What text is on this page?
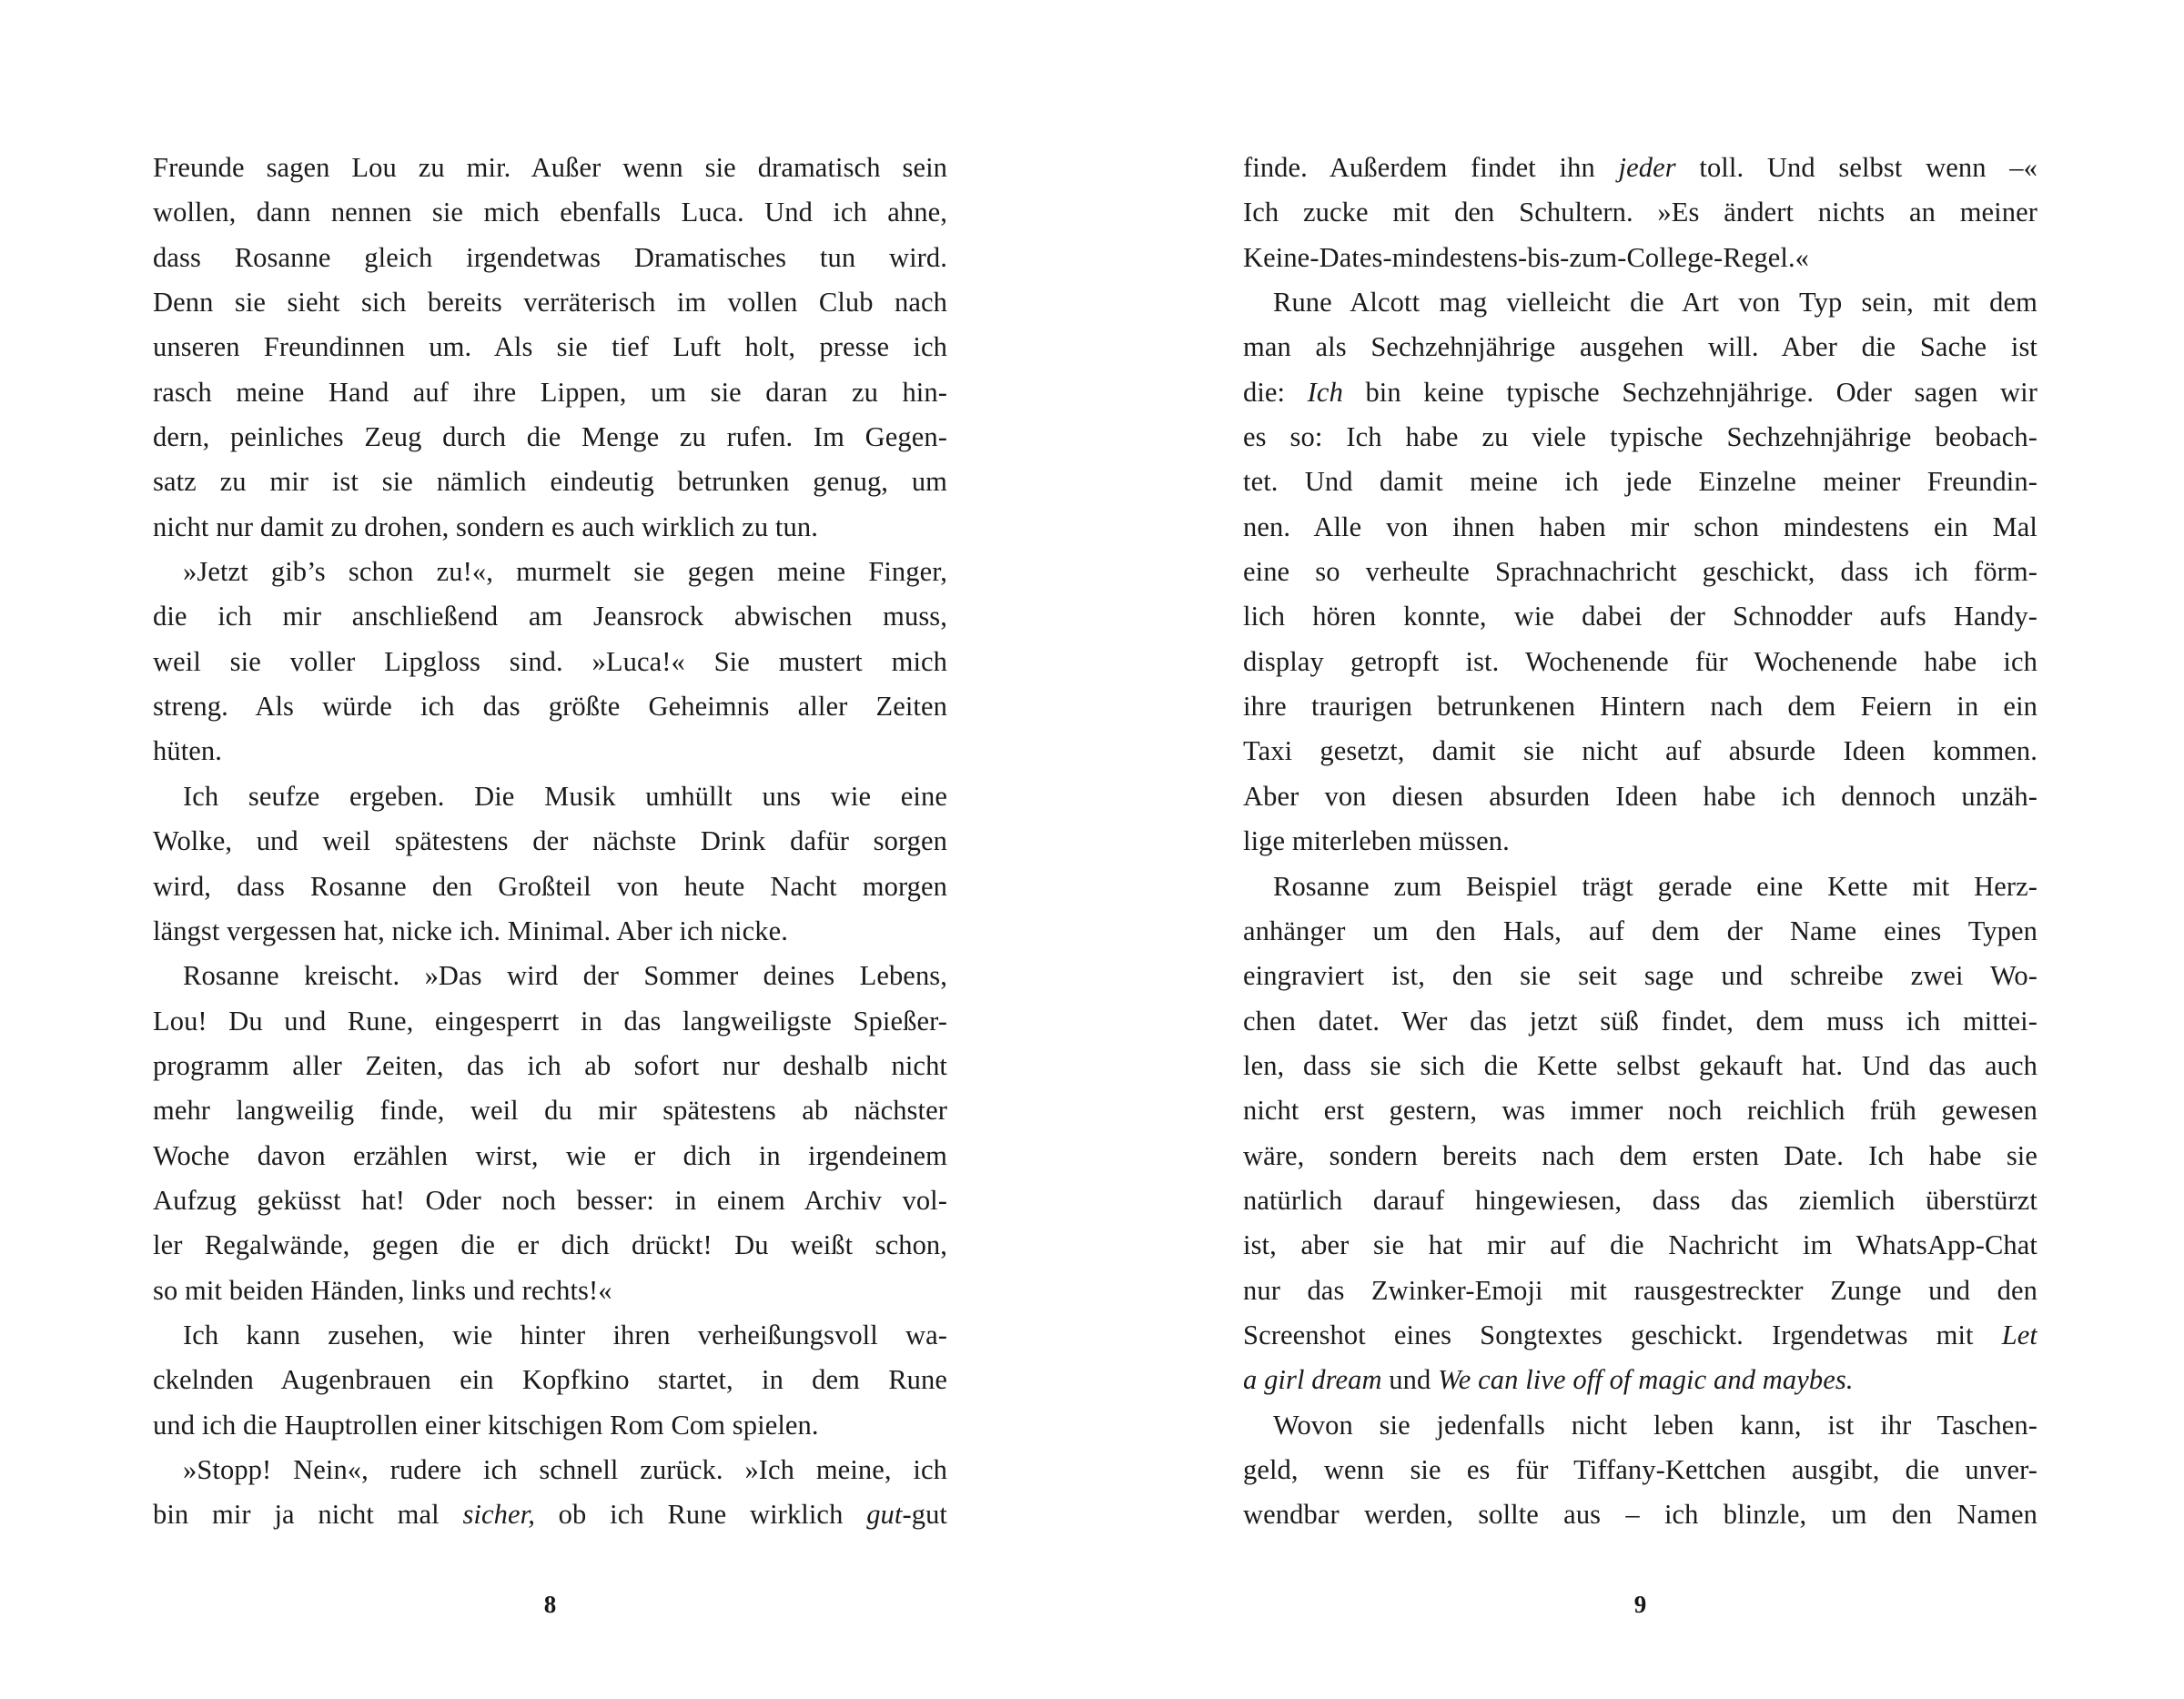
Freunde sagen Lou zu mir. Außer wenn sie dramatisch sein
wollen, dann nennen sie mich ebenfalls Luca. Und ich ahne,
dass Rosanne gleich irgendetwas Dramatisches tun wird.
Denn sie sieht sich bereits verräterisch im vollen Club nach
unseren Freundinnen um. Als sie tief Luft holt, presse ich
rasch meine Hand auf ihre Lippen, um sie daran zu hin-
dern, peinliches Zeug durch die Menge zu rufen. Im Gegen-
satz zu mir ist sie nämlich eindeutig betrunken genug, um
nicht nur damit zu drohen, sondern es auch wirklich zu tun.
»Jetzt gib’s schon zu!«, murmelt sie gegen meine Finger,
die ich mir anschließend am Jeansrock abwischen muss,
weil sie voller Lipgloss sind. »Luca!« Sie mustert mich
streng. Als würde ich das größte Geheimnis aller Zeiten
hüten.
Ich seufze ergeben. Die Musik umhüllt uns wie eine
Wolke, und weil spätestens der nächste Drink dafür sorgen
wird, dass Rosanne den Großteil von heute Nacht morgen
längst vergessen hat, nicke ich. Minimal. Aber ich nicke.
Rosanne kreischt. »Das wird der Sommer deines Lebens,
Lou! Du und Rune, eingesperrt in das langweiligste Spießer-
programm aller Zeiten, das ich ab sofort nur deshalb nicht
mehr langweilig finde, weil du mir spätestens ab nächster
Woche davon erzählen wirst, wie er dich in irgendeinem
Aufzug geküsst hat! Oder noch besser: in einem Archiv vol-
ler Regalwände, gegen die er dich drückt! Du weißt schon,
so mit beiden Händen, links und rechts!«
Ich kann zusehen, wie hinter ihren verheißungsvoll wa-
ckelnden Augenbrauen ein Kopfkino startet, in dem Rune
und ich die Hauptrollen einer kitschigen Rom Com spielen.
»Stopp! Nein«, rudere ich schnell zurück. »Ich meine, ich
bin mir ja nicht mal sicher, ob ich Rune wirklich gut-gut
8
finde. Außerdem findet ihn jeder toll. Und selbst wenn –«
Ich zucke mit den Schultern. »Es ändert nichts an meiner
Keine-Dates-mindestens-bis-zum-College-Regel.«
Rune Alcott mag vielleicht die Art von Typ sein, mit dem
man als Sechzehnjährige ausgehen will. Aber die Sache ist
die: Ich bin keine typische Sechzehnjährige. Oder sagen wir
es so: Ich habe zu viele typische Sechzehnjährige beobach-
tet. Und damit meine ich jede Einzelne meiner Freundin-
nen. Alle von ihnen haben mir schon mindestens ein Mal
eine so verheulte Sprachnachricht geschickt, dass ich förm-
lich hören konnte, wie dabei der Schnodder aufs Handy-
display getropft ist. Wochenende für Wochenende habe ich
ihre traurigen betrunkenen Hintern nach dem Feiern in ein
Taxi gesetzt, damit sie nicht auf absurde Ideen kommen.
Aber von diesen absurden Ideen habe ich dennoch unzäh-
lige miterleben müssen.
Rosanne zum Beispiel trägt gerade eine Kette mit Herz-
anhänger um den Hals, auf dem der Name eines Typen
eingraviert ist, den sie seit sage und schreibe zwei Wo-
chen datet. Wer das jetzt süß findet, dem muss ich mittei-
len, dass sie sich die Kette selbst gekauft hat. Und das auch
nicht erst gestern, was immer noch reichlich früh gewesen
wäre, sondern bereits nach dem ersten Date. Ich habe sie
natürlich darauf hingewiesen, dass das ziemlich überstürzt
ist, aber sie hat mir auf die Nachricht im WhatsApp-Chat
nur das Zwinker-Emoji mit rausgestreckter Zunge und den
Screenshot eines Songtextes geschickt. Irgendetwas mit Let
a girl dream und We can live off of magic and maybes.
Wovon sie jedenfalls nicht leben kann, ist ihr Taschen-
geld, wenn sie es für Tiffany-Kettchen ausgibt, die unver-
wendbar werden, sollte aus – ich blinzle, um den Namen
9
